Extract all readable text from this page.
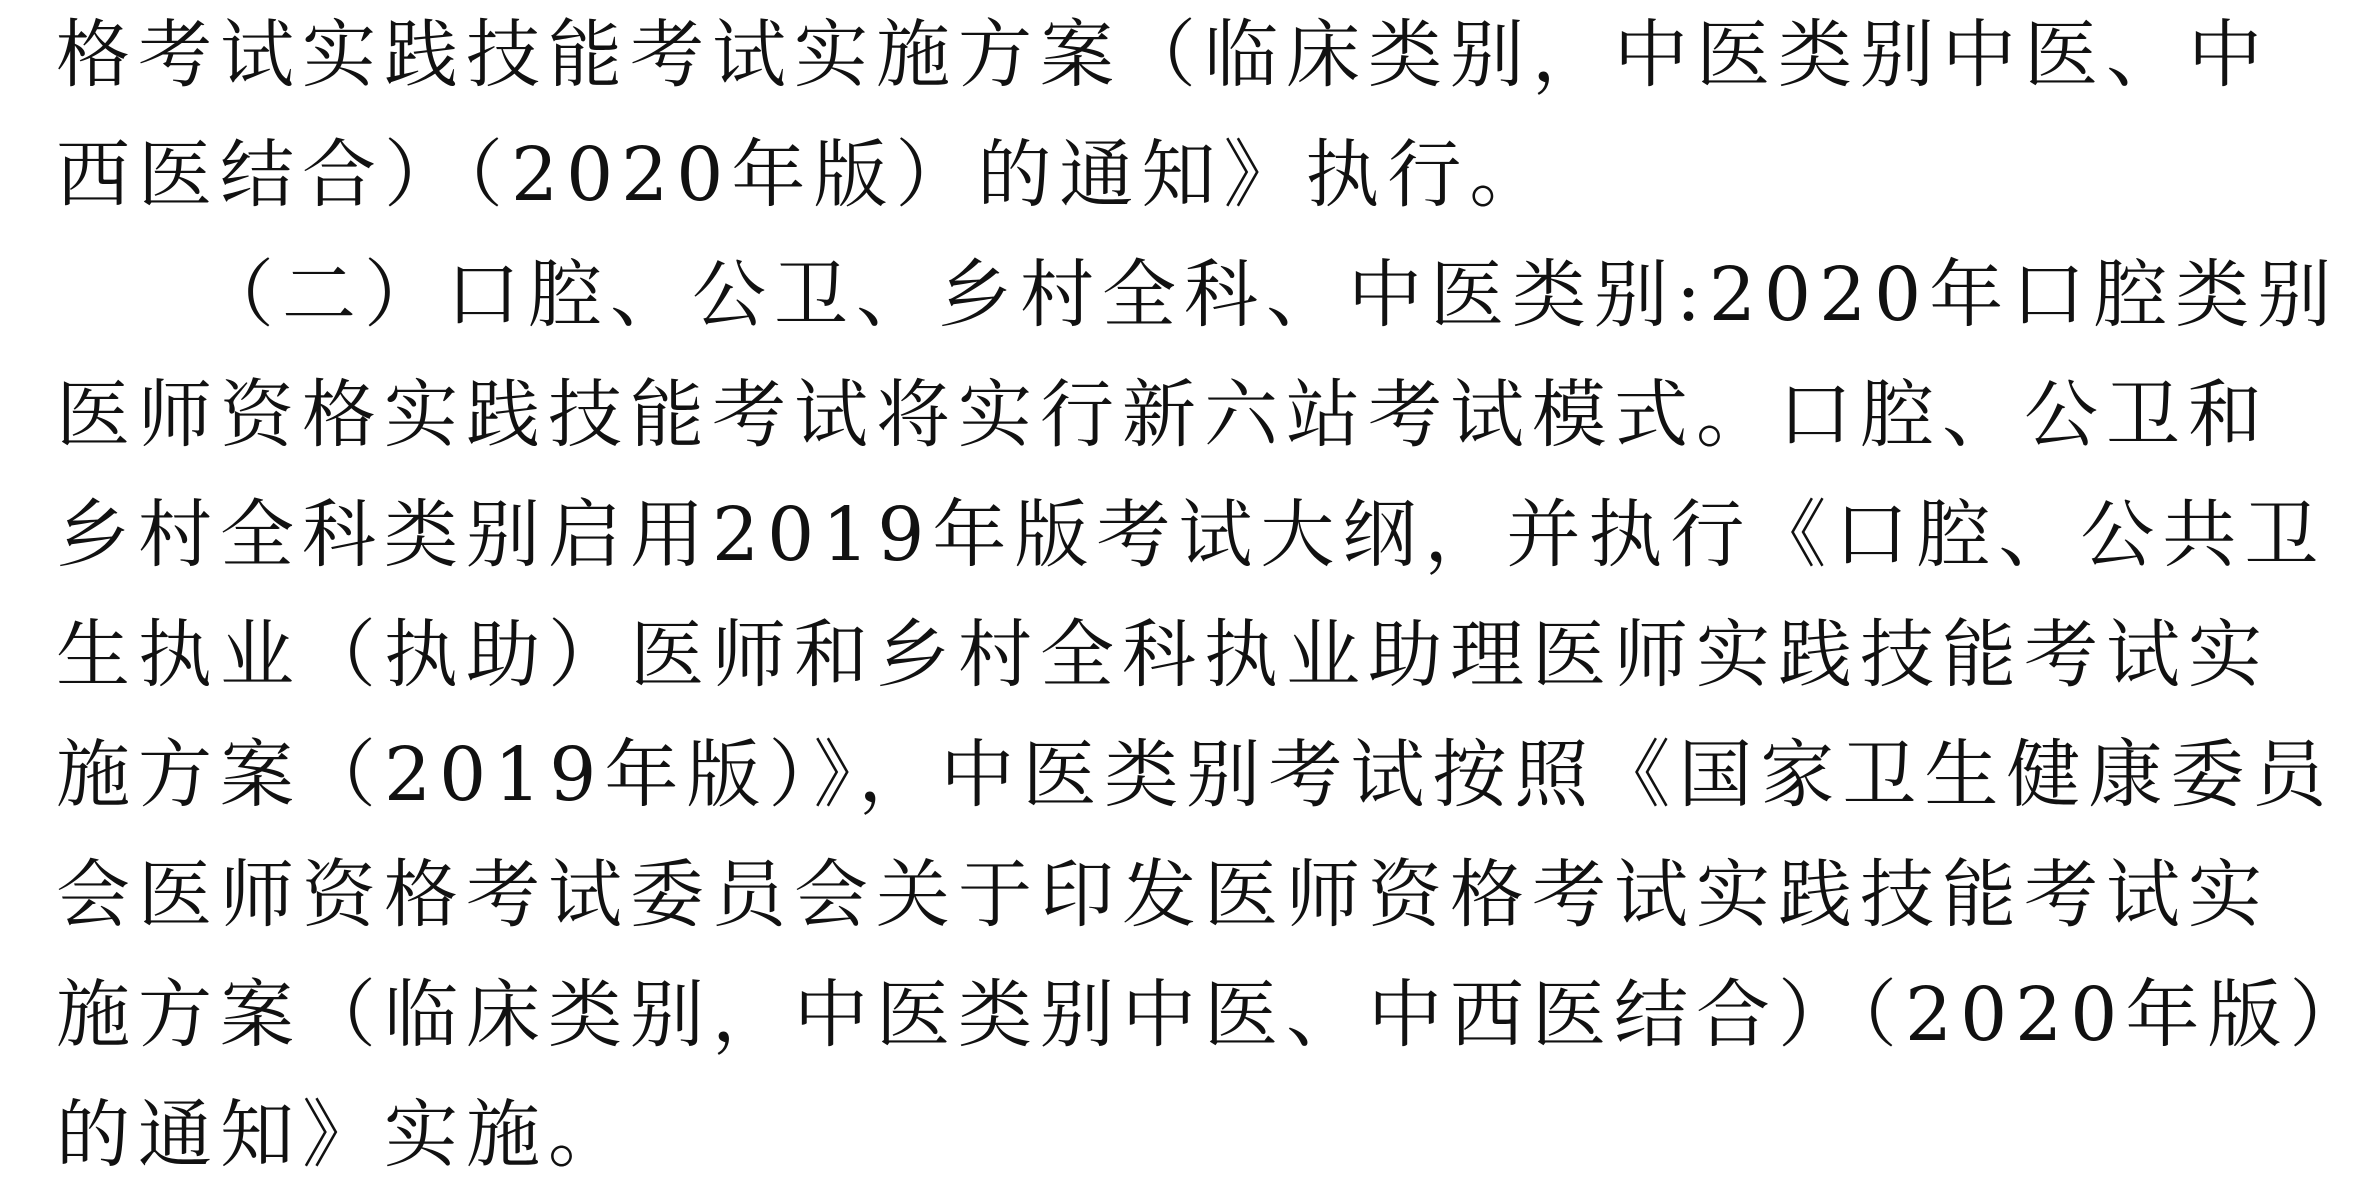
格考试实践技能考试实施方案（临床类别，中医类别中医、中
西医结合）（2020年版）的通知》执行。
（二）口腔、公卫、乡村全科、中医类别:2020年口腔类别
医师资格实践技能考试将实行新六站考试模式。口腔、公卫和
乡村全科类别启用2019年版考试大纲，并执行《口腔、公共卫
生执业（执助）医师和乡村全科执业助理医师实践技能考试实
施方案（2019年版）》，中医类别考试按照《国家卫生健康委员
会医师资格考试委员会关于印发医师资格考试实践技能考试实
施方案（临床类别，中医类别中医、中西医结合）（2020年版）
的通知》实施。
